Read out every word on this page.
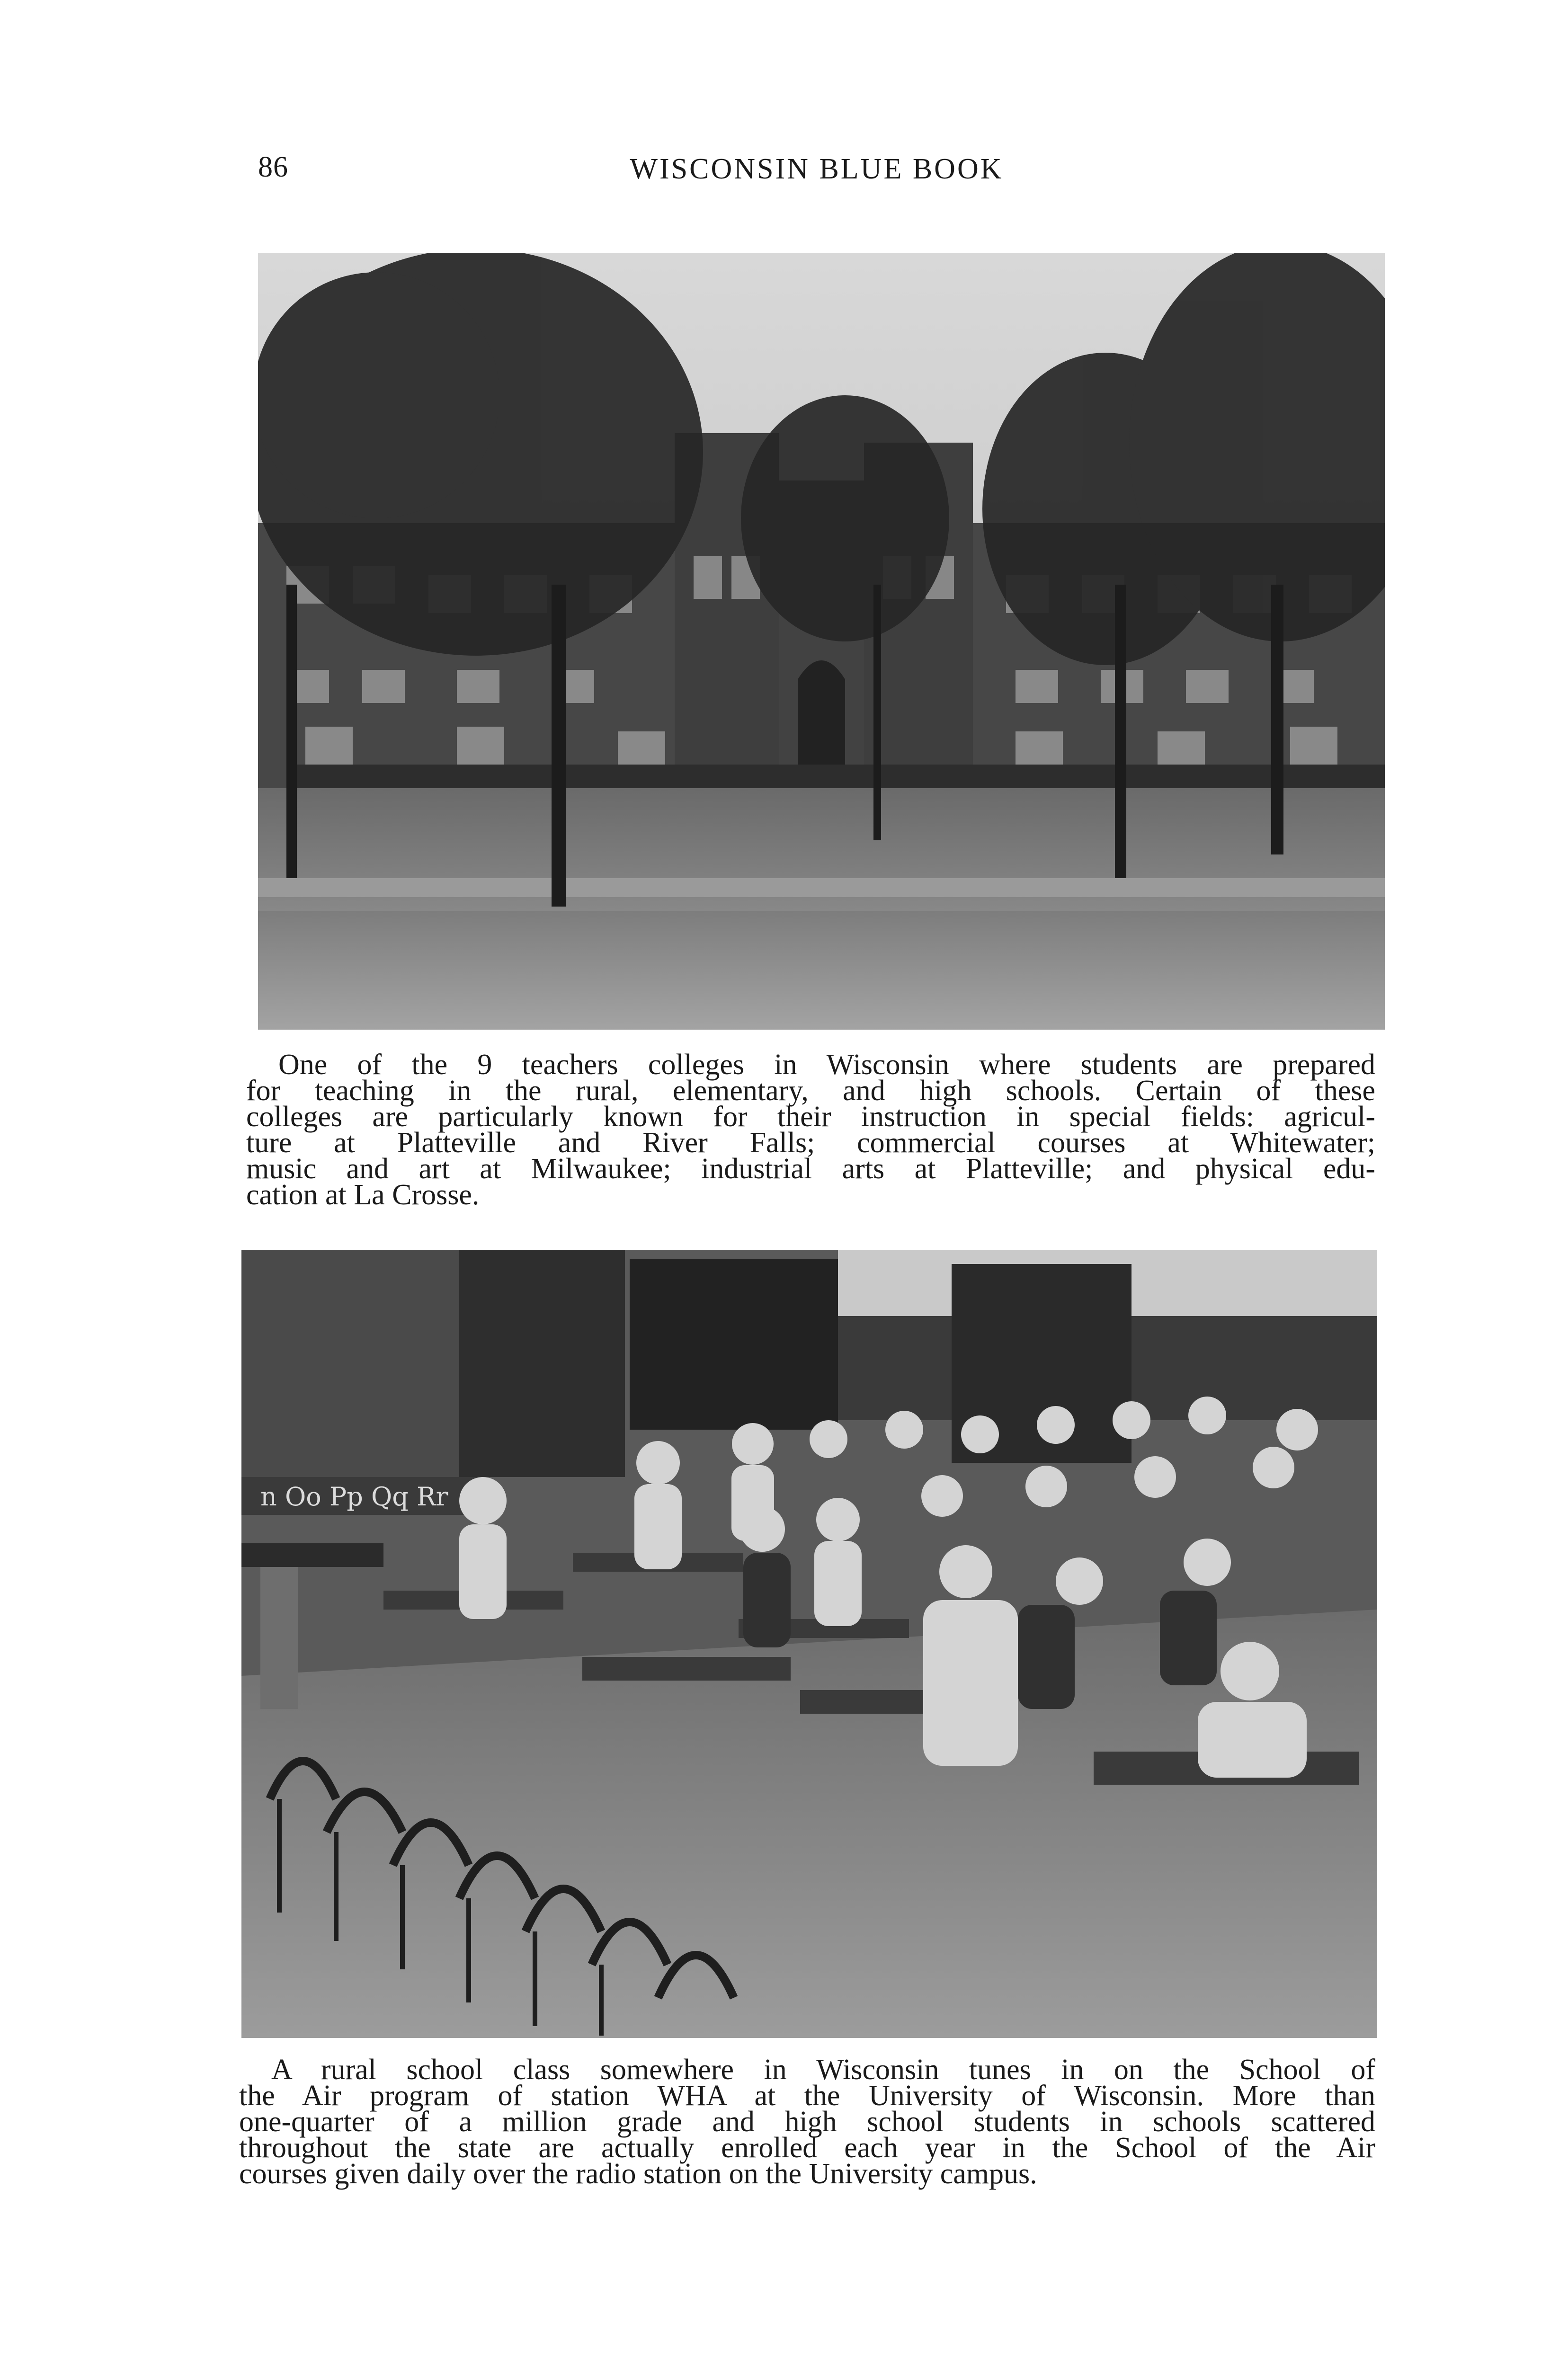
86	WISCONSIN BLUE BOOK
One of the 9 teachers colleges in Wisconsin where students are prepared
for teaching in the rural, elementary, and high schools. Certain of these
colleges are particularly known for their instruction in special fields: agricul-
ture at Platteville and River Falls; commercial courses at Whitewater;
music and art at Milwaukee; industrial arts at Platteville; and physical edu-
cation at La Crosse.
n Oo Pp Qq Rr
A rural school class somewhere in Wisconsin tunes in on the School of
the Air program of station WHA at the University of Wisconsin. More than
one-quarter of a million grade and high school students in schools scattered
throughout the state are actually enrolled each year in the School of the Air
courses given daily over the radio station on the University campus.
